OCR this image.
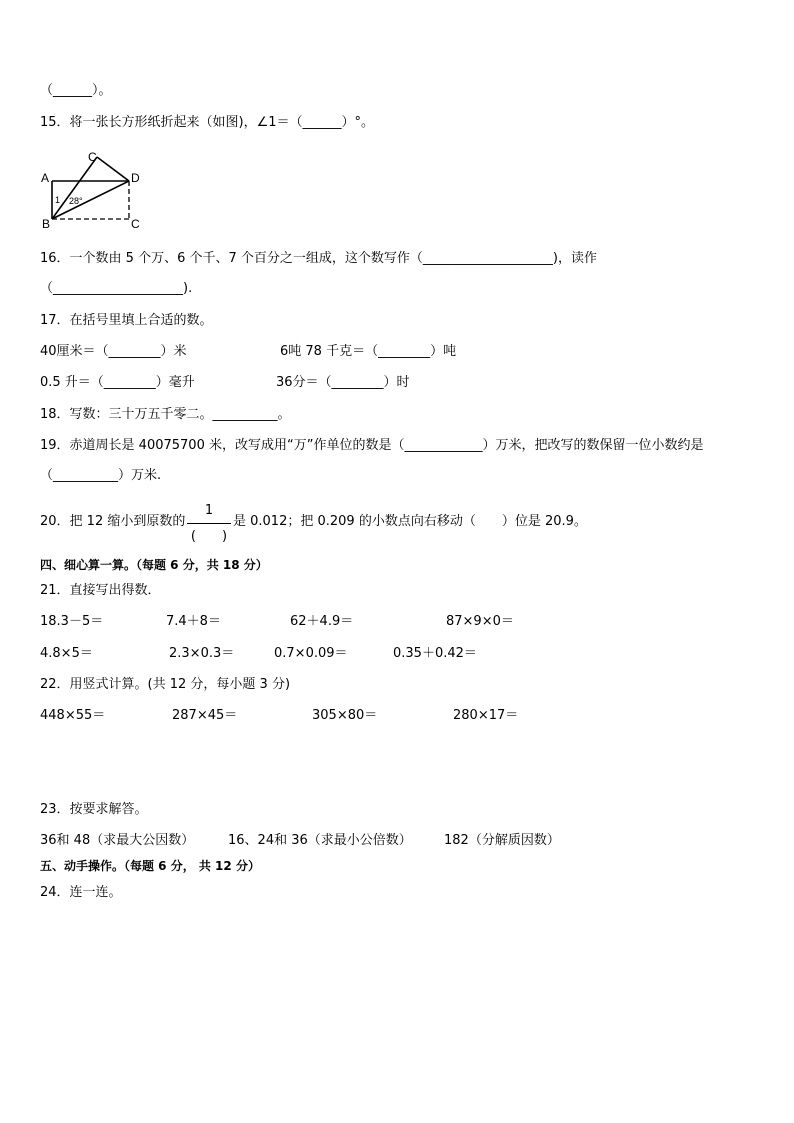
（______）。
15．将一张长方形纸折起来（如图)，∠1＝（______）°。
A
B
C
D
C
1 28°
16．一个数由 5 个万、6 个千、7 个百分之一组成，这个数写作（____________________)，读作
（____________________).
17．在括号里填上合适的数。
40厘米＝（________）米	6吨 78 千克＝（________）吨
0.5 升＝（________）毫升	36分＝（________）时
18．写数：三十万五千零二。__________。
19．赤道周长是 40075700 米，改写成用“万”作单位的数是（____________）万米，把改写的数保留一位小数约是
（__________）万米.
20．把 12 缩小到原数的
1
(　　)
是 0.012；把 0.209 的小数点向右移动（　　）位是 20.9。
四、细心算一算。（每题 6 分，共 18 分）
21．直接写出得数．
18.3－5＝	7.4＋8＝	62＋4.9＝	87×9×0＝
4.8×5＝	2.3×0.3＝	0.7×0.09＝	0.35＋0.42＝
22．用竖式计算。(共 12 分，每小题 3 分)
448×55＝	287×45＝	305×80＝	280×17＝
23．按要求解答。
36和 48（求最大公因数）	16、24和 36（求最小公倍数） 182（分解质因数）
五、动手操作。（每题 6 分， 共 12 分）
24．连一连。
